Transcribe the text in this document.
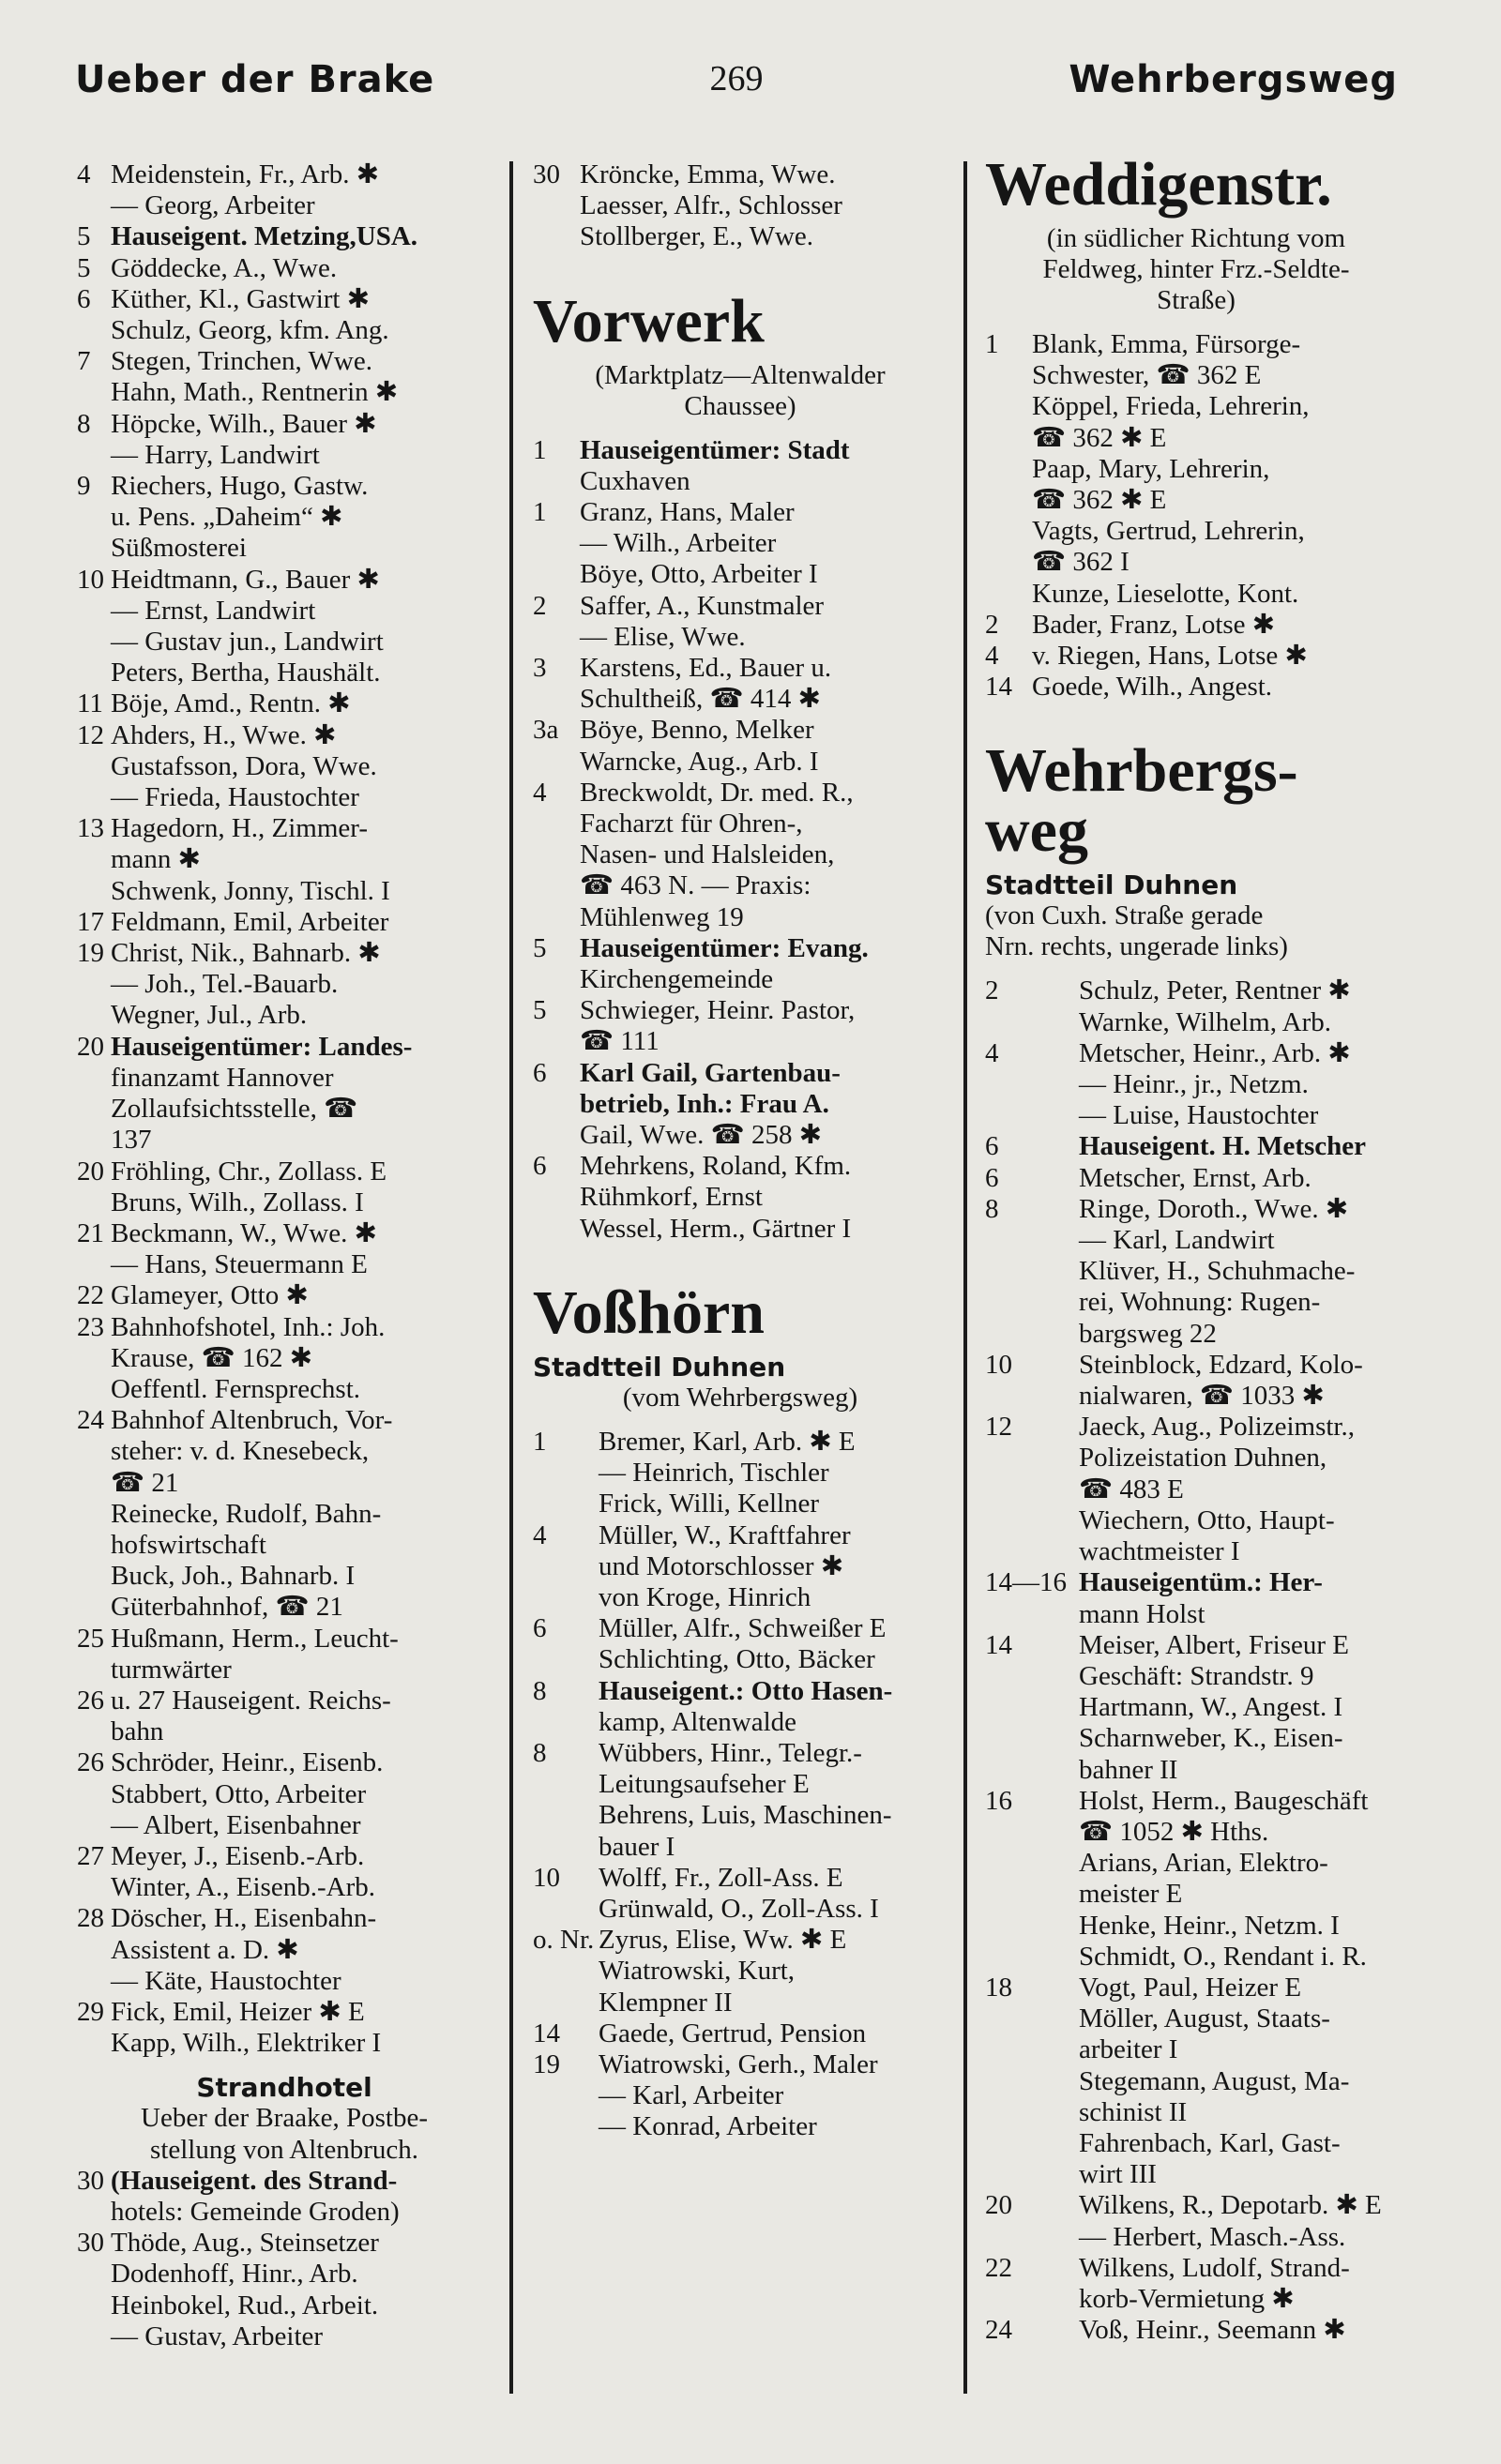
Ueber der Brake	269	Wehrbergsweg
4 Meidenstein, Fr., Arb. ✱
— Georg, Arbeiter
5 Hauseigent. Metzing,USA.
5 Göddecke, A., Wwe.
6 Küther, Kl., Gastwirt ✱
Schulz, Georg, kfm. Ang.
7 Stegen, Trinchen, Wwe.
Hahn, Math., Rentnerin ✱
8 Höpcke, Wilh., Bauer ✱
— Harry, Landwirt
9 Riechers, Hugo, Gastw.
u. Pens. „Daheim“ ✱
Süßmosterei
10 Heidtmann, G., Bauer ✱
— Ernst, Landwirt
— Gustav jun., Landwirt
Peters, Bertha, Haushält.
11 Böje, Amd., Rentn. ✱
12 Ahders, H., Wwe. ✱
Gustafsson, Dora, Wwe.
— Frieda, Haustochter
13 Hagedorn, H., Zimmer-
mann ✱
Schwenk, Jonny, Tischl. I
17 Feldmann, Emil, Arbeiter
19 Christ, Nik., Bahnarb. ✱
— Joh., Tel.-Bauarb.
Wegner, Jul., Arb.
20 Hauseigentümer: Landes-
finanzamt Hannover
Zollaufsichtsstelle, ☎
137
20 Fröhling, Chr., Zollass. E
Bruns, Wilh., Zollass. I
21 Beckmann, W., Wwe. ✱
— Hans, Steuermann E
22 Glameyer, Otto ✱
23 Bahnhofshotel, Inh.: Joh.
Krause, ☎ 162 ✱
Oeffentl. Fernsprechst.
24 Bahnhof Altenbruch, Vor-
steher: v. d. Knesebeck,
☎ 21
Reinecke, Rudolf, Bahn-
hofswirtschaft
Buck, Joh., Bahnarb. I
Güterbahnhof, ☎ 21
25 Hußmann, Herm., Leucht-
turmwärter
26 u. 27 Hauseigent. Reichs-
bahn
26 Schröder, Heinr., Eisenb.
Stabbert, Otto, Arbeiter
— Albert, Eisenbahner
27 Meyer, J., Eisenb.-Arb.
Winter, A., Eisenb.-Arb.
28 Döscher, H., Eisenbahn-
Assistent a. D. ✱
— Käte, Haustochter
29 Fick, Emil, Heizer ✱ E
Kapp, Wilh., Elektriker I
Strandhotel
Ueber der Braake, Postbe-
stellung von Altenbruch.
30 (Hauseigent. des Strand-
hotels: Gemeinde Groden)
30 Thöde, Aug., Steinsetzer
Dodenhoff, Hinr., Arb.
Heinbokel, Rud., Arbeit.
— Gustav, Arbeiter
30 Kröncke, Emma, Wwe.
Laesser, Alfr., Schlosser
Stollberger, E., Wwe.
Vorwerk
(Marktplatz—Altenwalder
Chaussee)
1	Hauseigentümer: Stadt
Cuxhaven
1	Granz, Hans, Maler
— Wilh., Arbeiter
Böye, Otto, Arbeiter I
2	Saffer, A., Kunstmaler
— Elise, Wwe.
3	Karstens, Ed., Bauer u.
Schultheiß, ☎ 414 ✱
3a Böye, Benno, Melker
Warncke, Aug., Arb. I
4	Breckwoldt, Dr. med. R.,
Facharzt für Ohren-,
Nasen- und Halsleiden,
☎ 463 N. — Praxis:
Mühlenweg 19
5	Hauseigentümer: Evang.
Kirchengemeinde
5	Schwieger, Heinr. Pastor,
☎ 111
6	Karl Gail, Gartenbau-
betrieb, Inh.: Frau A.
Gail, Wwe. ☎ 258 ✱
6	Mehrkens, Roland, Kfm.
Rühmkorf, Ernst
Wessel, Herm., Gärtner I
Voßhörn
Stadtteil Duhnen
(vom Wehrbergsweg)
1	Bremer, Karl, Arb. ✱ E
— Heinrich, Tischler
Frick, Willi, Kellner
4	Müller, W., Kraftfahrer
und Motorschlosser ✱
von Kroge, Hinrich
6	Müller, Alfr., Schweißer E
Schlichting, Otto, Bäcker
8	Hauseigent.: Otto Hasen-
kamp, Altenwalde
8	Wübbers, Hinr., Telegr.-
Leitungsaufseher E
Behrens, Luis, Maschinen-
bauer I
10	Wolff, Fr., Zoll-Ass. E
Grünwald, O., Zoll-Ass. I
o. Nr. Zyrus, Elise, Ww. ✱ E
Wiatrowski, Kurt,
Klempner II
14	Gaede, Gertrud, Pension
19	Wiatrowski, Gerh., Maler
— Karl, Arbeiter
— Konrad, Arbeiter
Weddigenstr.
(in südlicher Richtung vom
Feldweg, hinter Frz.-Seldte-
Straße)
1	Blank, Emma, Fürsorge-
Schwester, ☎ 362 E
Köppel, Frieda, Lehrerin,
☎ 362 ✱ E
Paap, Mary, Lehrerin,
☎ 362 ✱ E
Vagts, Gertrud, Lehrerin,
☎ 362 I
Kunze, Lieselotte, Kont.
2	Bader, Franz, Lotse ✱
4	v. Riegen, Hans, Lotse ✱
14 Goede, Wilh., Angest.
Wehrbergs-
weg
Stadtteil Duhnen
(von Cuxh. Straße gerade
Nrn. rechts, ungerade links)
2	Schulz, Peter, Rentner ✱
Warnke, Wilhelm, Arb.
4	Metscher, Heinr., Arb. ✱
— Heinr., jr., Netzm.
— Luise, Haustochter
6	Hauseigent. H. Metscher
6	Metscher, Ernst, Arb.
8	Ringe, Doroth., Wwe. ✱
— Karl, Landwirt
Klüver, H., Schuhmache-
rei, Wohnung: Rugen-
bargsweg 22
10	Steinblock, Edzard, Kolo-
nialwaren, ☎ 1033 ✱
12	Jaeck, Aug., Polizeimstr.,
Polizeistation Duhnen,
☎ 483 E
Wiechern, Otto, Haupt-
wachtmeister I
14—16 Hauseigentüm.: Her-
mann Holst
14	Meiser, Albert, Friseur E
Geschäft: Strandstr. 9
Hartmann, W., Angest. I
Scharnweber, K., Eisen-
bahner II
16	Holst, Herm., Baugeschäft
☎ 1052 ✱ Hths.
Arians, Arian, Elektro-
meister E
Henke, Heinr., Netzm. I
Schmidt, O., Rendant i. R.
18	Vogt, Paul, Heizer E
Möller, August, Staats-
arbeiter I
Stegemann, August, Ma-
schinist II
Fahrenbach, Karl, Gast-
wirt III
20	Wilkens, R., Depotarb. ✱ E
— Herbert, Masch.-Ass.
22	Wilkens, Ludolf, Strand-
korb-Vermietung ✱
24	Voß, Heinr., Seemann ✱
